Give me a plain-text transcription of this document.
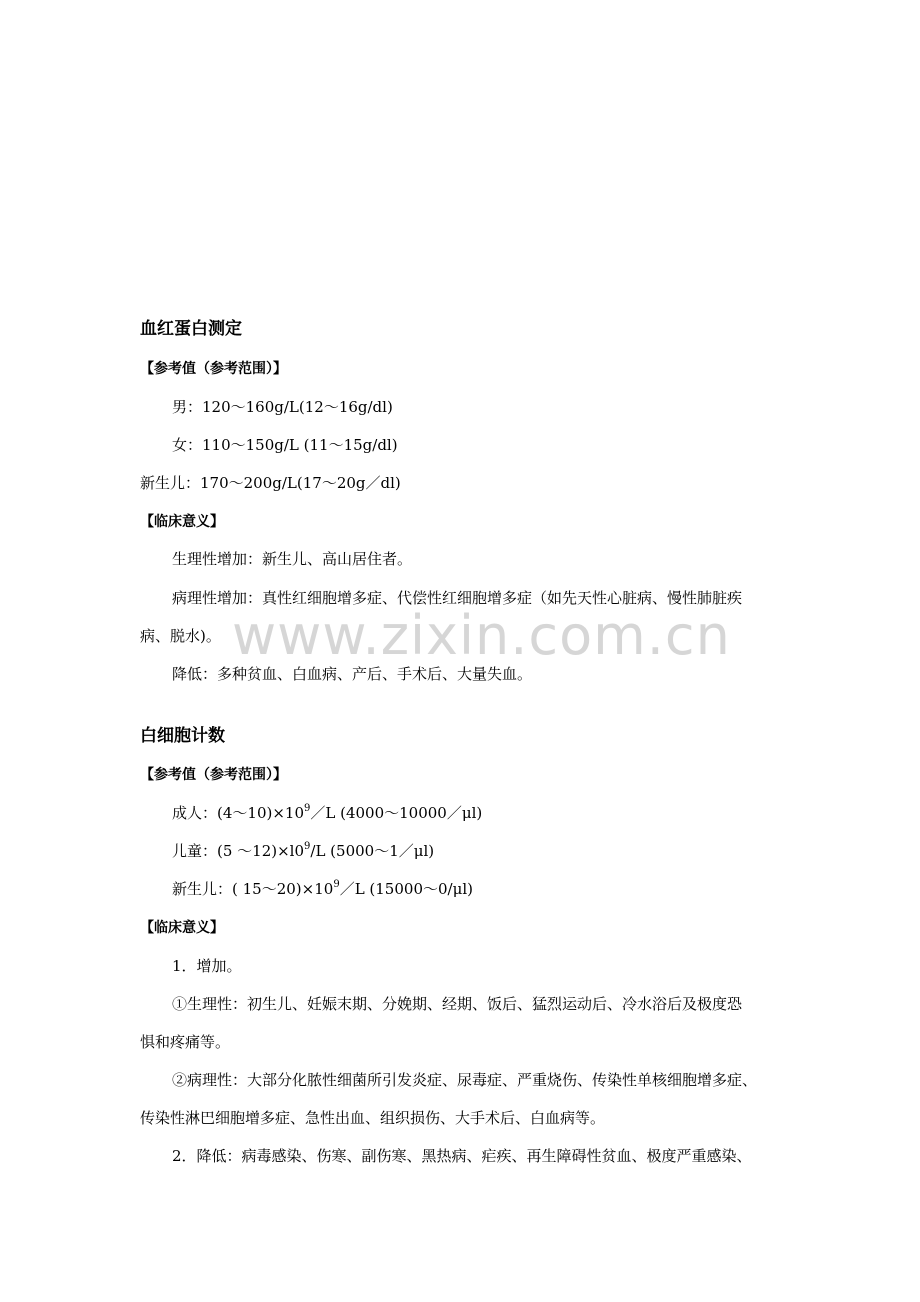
www.zixin.com.cn
血红蛋白测定
【参考值（参考范围）】
男：120～160g/L(12～16g/dl)
女：110～150g/L (11～15g/dl)
新生儿：170～200g/L(17～20g／dl)
【临床意义】
生理性增加：新生儿、高山居住者。
病理性增加：真性红细胞增多症、代偿性红细胞增多症（如先天性心脏病、慢性肺脏疾
病、脱水)。
降低：多种贫血、白血病、产后、手术后、大量失血。
白细胞计数
【参考值（参考范围）】
成人：$(4\sim 10)\times 10^9/L$ (4000～10000／μl)
儿童：(5 $\sim 12)\times l0^9/L$ (5000～1／μl)
新生儿：( $15\sim 20)\times 10^9/L$ (15000～0/μl)
【临床意义】
1．增加。
①生理性：初生儿、妊娠末期、分娩期、经期、饭后、猛烈运动后、冷水浴后及极度恐
惧和疼痛等。
②病理性：大部分化脓性细菌所引发炎症、尿毒症、严重烧伤、传染性单核细胞增多症、
传染性淋巴细胞增多症、急性出血、组织损伤、大手术后、白血病等。
2．降低：病毒感染、伤寒、副伤寒、黑热病、疟疾、再生障碍性贫血、极度严重感染、
